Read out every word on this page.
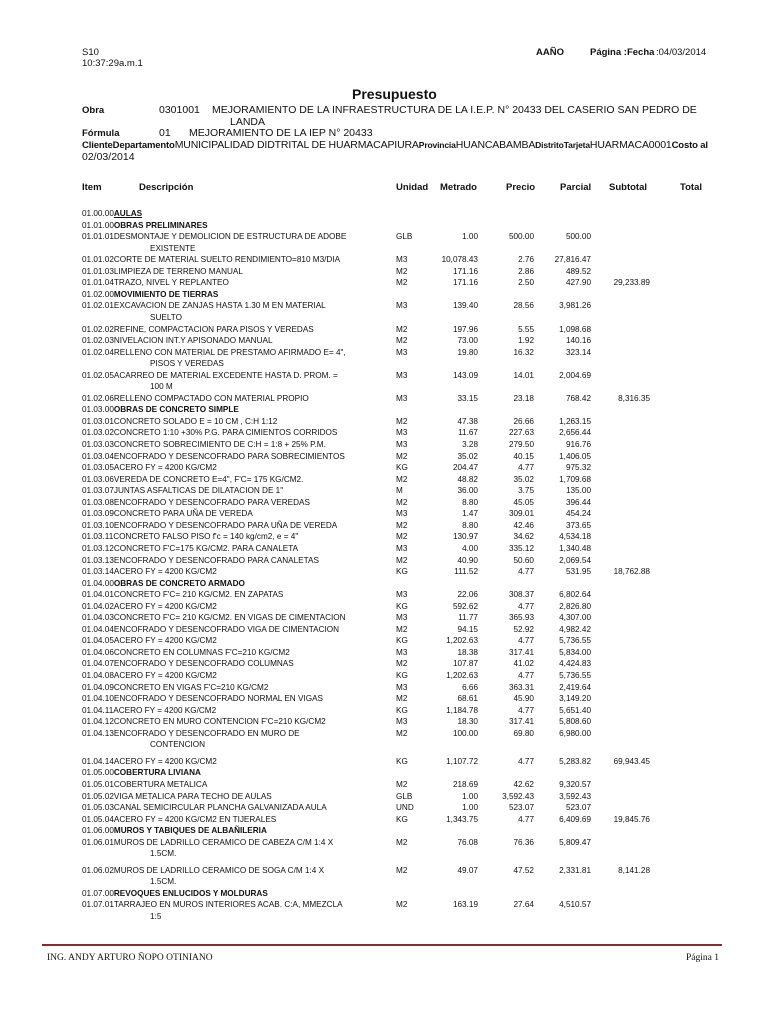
S10
10:37:29a.m.1
AAÑO	Página :Fecha :04/03/2014
Presupuesto
Obra	0301001 MEJORAMIENTO DE LA INFRAESTRUCTURA DE LA I.E.P. N° 20433 DEL CASERIO SAN PEDRO DE
LANDA
Fórmula	01 MEJORAMIENTO DE LA IEP N° 20433
ClienteDepartamentoMUNICIPALIDAD DIDTRITAL DE HUARMACAPIURAProvinciaHUANCABAMBADistritoTarjetaHUARMACA0001Costo al
02/03/2014
Item	Descripción	Unidad Metrado	Precio	Parcial Subtotal	Total
01.00.00AULAS
01.01.00OBRAS PRELIMINARES
01.01.01DESMONTAJE Y DEMOLICION DE ESTRUCTURA DE ADOBE	GLB	1.00	500.00	500.00
EXISTENTE
01.01.02CORTE DE MATERIAL SUELTO RENDIMIENTO=810 M3/DIA	M3	10,078.43	2.76	27,816.47
01.01.03LIMPIEZA DE TERRENO MANUAL	M2	171.16	2.86	489.52
01.01.04TRAZO, NIVEL Y REPLANTEO	M2	171.16	2.50	427.90	29,233.89
01.02.00MOVIMIENTO DE TIERRAS
01.02.01EXCAVACION DE ZANJAS HASTA 1.30 M EN MATERIAL	M3	139.40	28.56	3,981.26
SUELTO
01.02.02REFINE, COMPACTACION PARA PISOS Y VEREDAS	M2	197.96	5.55	1,098.68
01.02.03NIVELACION INT.Y APISONADO MANUAL	M2	73.00	1.92	140.16
01.02.04RELLENO CON MATERIAL DE PRESTAMO AFIRMADO E= 4",	M3	19.80	16.32	323.14
PISOS Y VEREDAS
01.02.05ACARREO DE MATERIAL EXCEDENTE HASTA D. PROM. =	M3	143.09	14.01	2,004.69
100 M
01.02.06RELLENO COMPACTADO CON MATERIAL PROPIO	M3	33.15	23.18	768.42	8,316.35
01.03.00OBRAS DE CONCRETO SIMPLE
01.03.01CONCRETO SOLADO E = 10 CM , C:H 1:12	M2	47.38	26.66	1,263.15
01.03.02CONCRETO 1:10 +30% P.G. PARA CIMIENTOS CORRIDOS	M3	11.67	227.63	2,656.44
01.03.03CONCRETO SOBRECIMIENTO DE C:H = 1:8 + 25% P.M.	M3	3.28	279.50	916.76
01.03.04ENCOFRADO Y DESENCOFRADO PARA SOBRECIMIENTOS	M2	35.02	40.15	1,406.05
01.03.05ACERO FY = 4200 KG/CM2	KG	204.47	4.77	975.32
01.03.06VEREDA DE CONCRETO E=4", F'C= 175 KG/CM2.	M2	48.82	35.02	1,709.68
01.03.07JUNTAS ASFALTICAS DE DILATACION DE 1"	M	36.00	3.75	135.00
01.03.08ENCOFRADO Y DESENCOFRADO PARA VEREDAS	M2	8.80	45.05	396.44
01.03.09CONCRETO PARA UÑA DE VEREDA	M3	1.47	309.01	454.24
01.03.10ENCOFRADO Y DESENCOFRADO PARA UÑA DE VEREDA	M2	8.80	42.46	373.65
01.03.11CONCRETO FALSO PISO f'c = 140 kg/cm2, e = 4"	M2	130.97	34.62	4,534.18
01.03.12CONCRETO F'C=175 KG/CM2. PARA CANALETA	M3	4.00	335.12	1,340.48
01.03.13ENCOFRADO Y DESENCOFRADO PARA CANALETAS	M2	40.90	50.60	2,069.54
01.03.14ACERO FY = 4200 KG/CM2	KG	111.52	4.77	531.95	18,762.88
01.04.00OBRAS DE CONCRETO ARMADO
01.04.01CONCRETO F'C= 210 KG/CM2. EN ZAPATAS	M3	22.06	308.37	6,802.64
01.04.02ACERO FY = 4200 KG/CM2	KG	592.62	4.77	2,826.80
01.04.03CONCRETO F'C= 210 KG/CM2. EN VIGAS DE CIMENTACION	M3	11.77	365.93	4,307.00
01.04.04ENCOFRADO Y DESENCOFRADO VIGA DE CIMENTACION	M2	94.15	52.92	4,982.42
01.04.05ACERO FY = 4200 KG/CM2	KG	1,202.63	4.77	5,736.55
01.04.06CONCRETO EN COLUMNAS F'C=210 KG/CM2	M3	18.38	317.41	5,834.00
01.04.07ENCOFRADO Y DESENCOFRADO COLUMNAS	M2	107.87	41.02	4,424.83
01.04.08ACERO FY = 4200 KG/CM2	KG	1,202.63	4.77	5,736.55
01.04.09CONCRETO EN VIGAS F'C=210 KG/CM2	M3	6.66	363.31	2,419.64
01.04.10ENCOFRADO Y DESENCOFRADO NORMAL EN VIGAS	M2	68.61	45.90	3,149.20
01.04.11ACERO FY = 4200 KG/CM2	KG	1,184.78	4.77	5,651.40
01.04.12CONCRETO EN MURO CONTENCION F'C=210 KG/CM2	M3	18.30	317.41	5,808.60
01.04.13ENCOFRADO Y DESENCOFRADO EN MURO DE	M2	100.00	69.80	6,980.00
CONTENCION
01.04.14ACERO FY = 4200 KG/CM2	KG	1,107.72	4.77	5,283.82	69,943.45
01.05.00COBERTURA LIVIANA
01.05.01COBERTURA METALICA	M2	218.69	42.62	9,320.57
01.05.02VIGA METALICA PARA TECHO DE AULAS	GLB	1.00	3,592.43	3,592.43
01.05.03CANAL SEMICIRCULAR PLANCHA GALVANIZADA AULA	UND	1.00	523.07	523.07
01.05.04ACERO FY = 4200 KG/CM2 EN TIJERALES	KG	1,343.75	4.77	6,409.69	19,845.76
01.06.00MUROS Y TABIQUES DE ALBAÑILERIA
01.06.01MUROS DE LADRILLO CERAMICO DE CABEZA C/M 1:4 X	M2	76.08	76.36	5,809.47
1.5CM.
01.06.02MUROS DE LADRILLO CERAMICO DE SOGA C/M 1:4 X	M2	49.07	47.52	2,331.81	8,141.28
1.5CM.
01.07.00REVOQUES ENLUCIDOS Y MOLDURAS
01.07.01TARRAJEO EN MUROS INTERIORES ACAB. C:A, MMEZCLA	M2	163.19	27.64	4,510.57
1:5
ING. ANDY ARTURO ÑOPO OTINIANO	Página 1
